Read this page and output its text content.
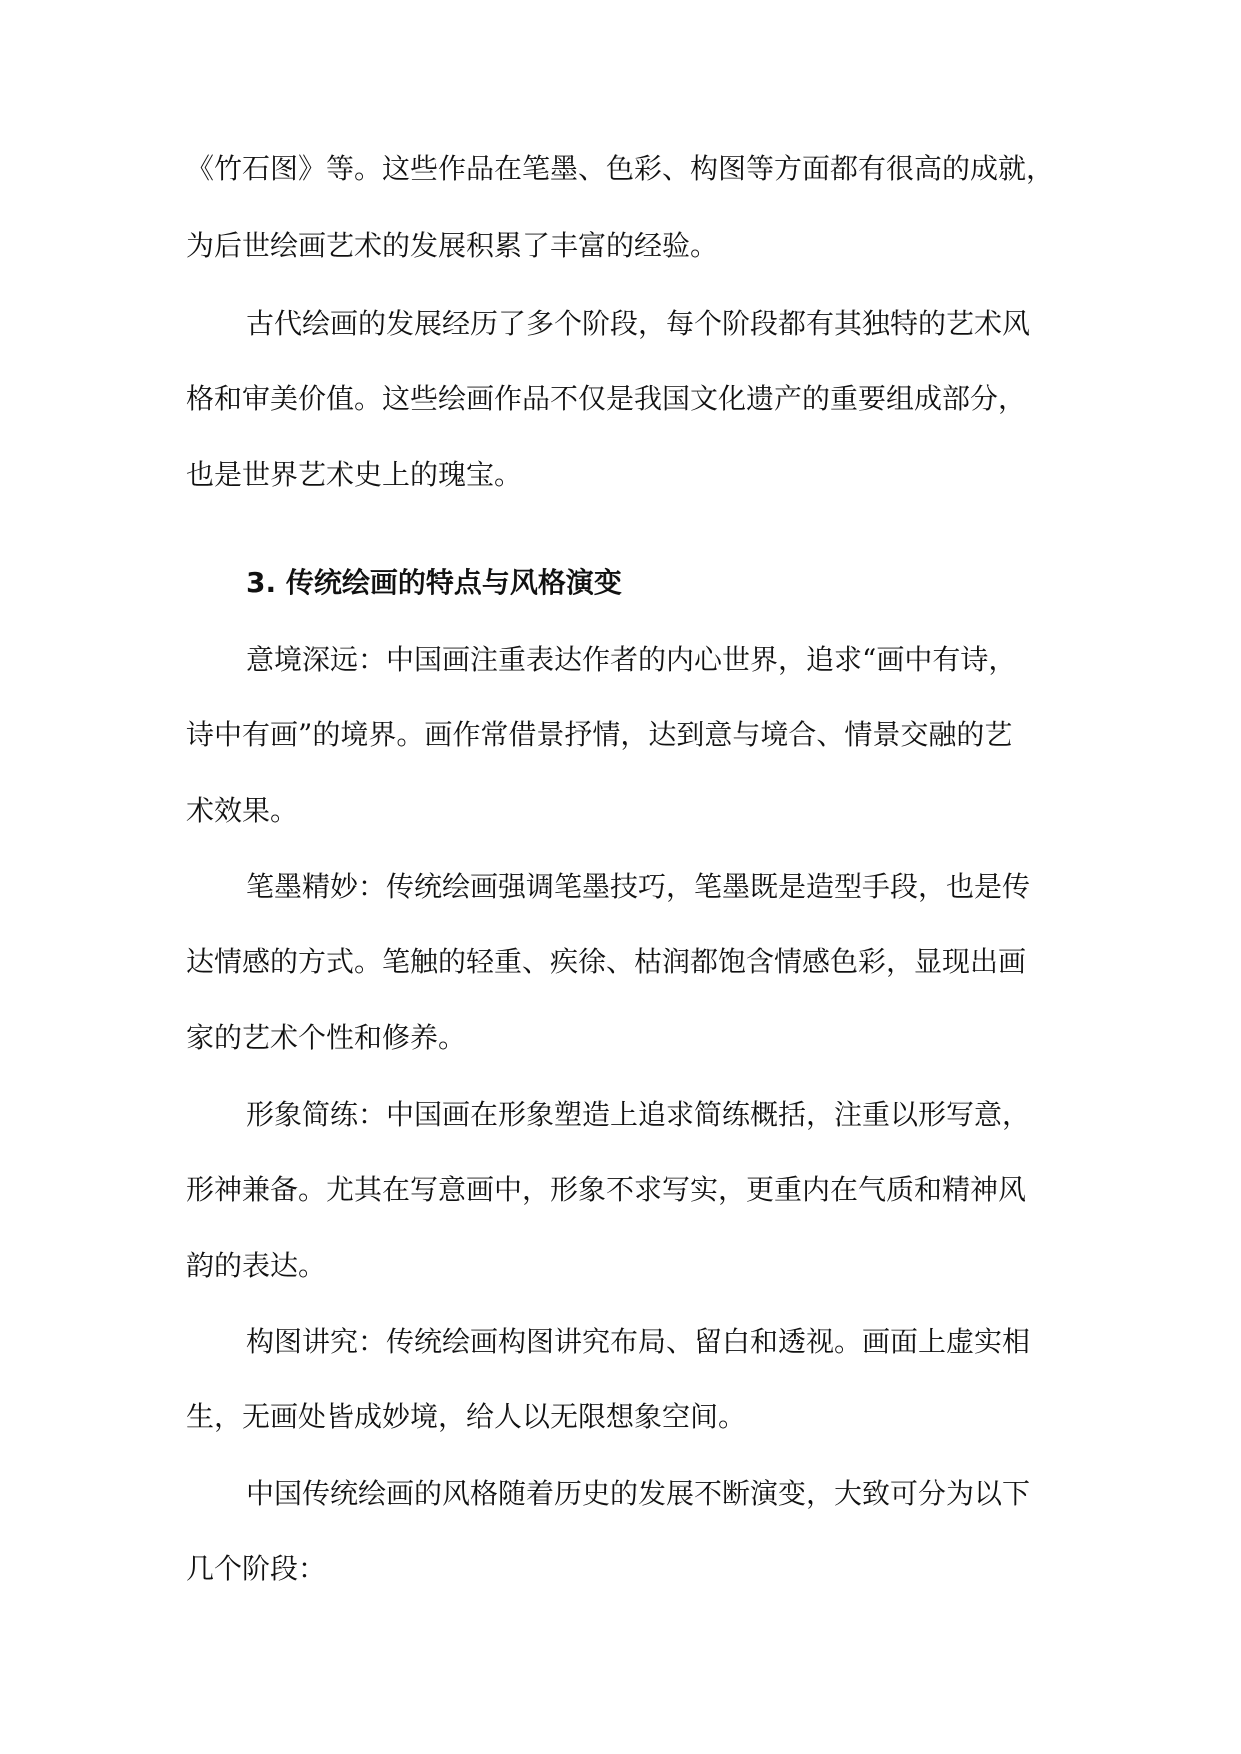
《竹石图》等。这些作品在笔墨、色彩、构图等方面都有很高的成就，

为后世绘画艺术的发展积累了丰富的经验。

古代绘画的发展经历了多个阶段，每个阶段都有其独特的艺术风

格和审美价值。这些绘画作品不仅是我国文化遗产的重要组成部分，

也是世界艺术史上的瑰宝。

3. 传统绘画的特点与风格演变

意境深远：中国画注重表达作者的内心世界，追求“画中有诗，

诗中有画”的境界。画作常借景抒情，达到意与境合、情景交融的艺

术效果。

笔墨精妙：传统绘画强调笔墨技巧，笔墨既是造型手段，也是传

达情感的方式。笔触的轻重、疾徐、枯润都饱含情感色彩，显现出画

家的艺术个性和修养。

形象简练：中国画在形象塑造上追求简练概括，注重以形写意，

形神兼备。尤其在写意画中，形象不求写实，更重内在气质和精神风

韵的表达。

构图讲究：传统绘画构图讲究布局、留白和透视。画面上虚实相

生，无画处皆成妙境，给人以无限想象空间。

中国传统绘画的风格随着历史的发展不断演变，大致可分为以下

几个阶段：
